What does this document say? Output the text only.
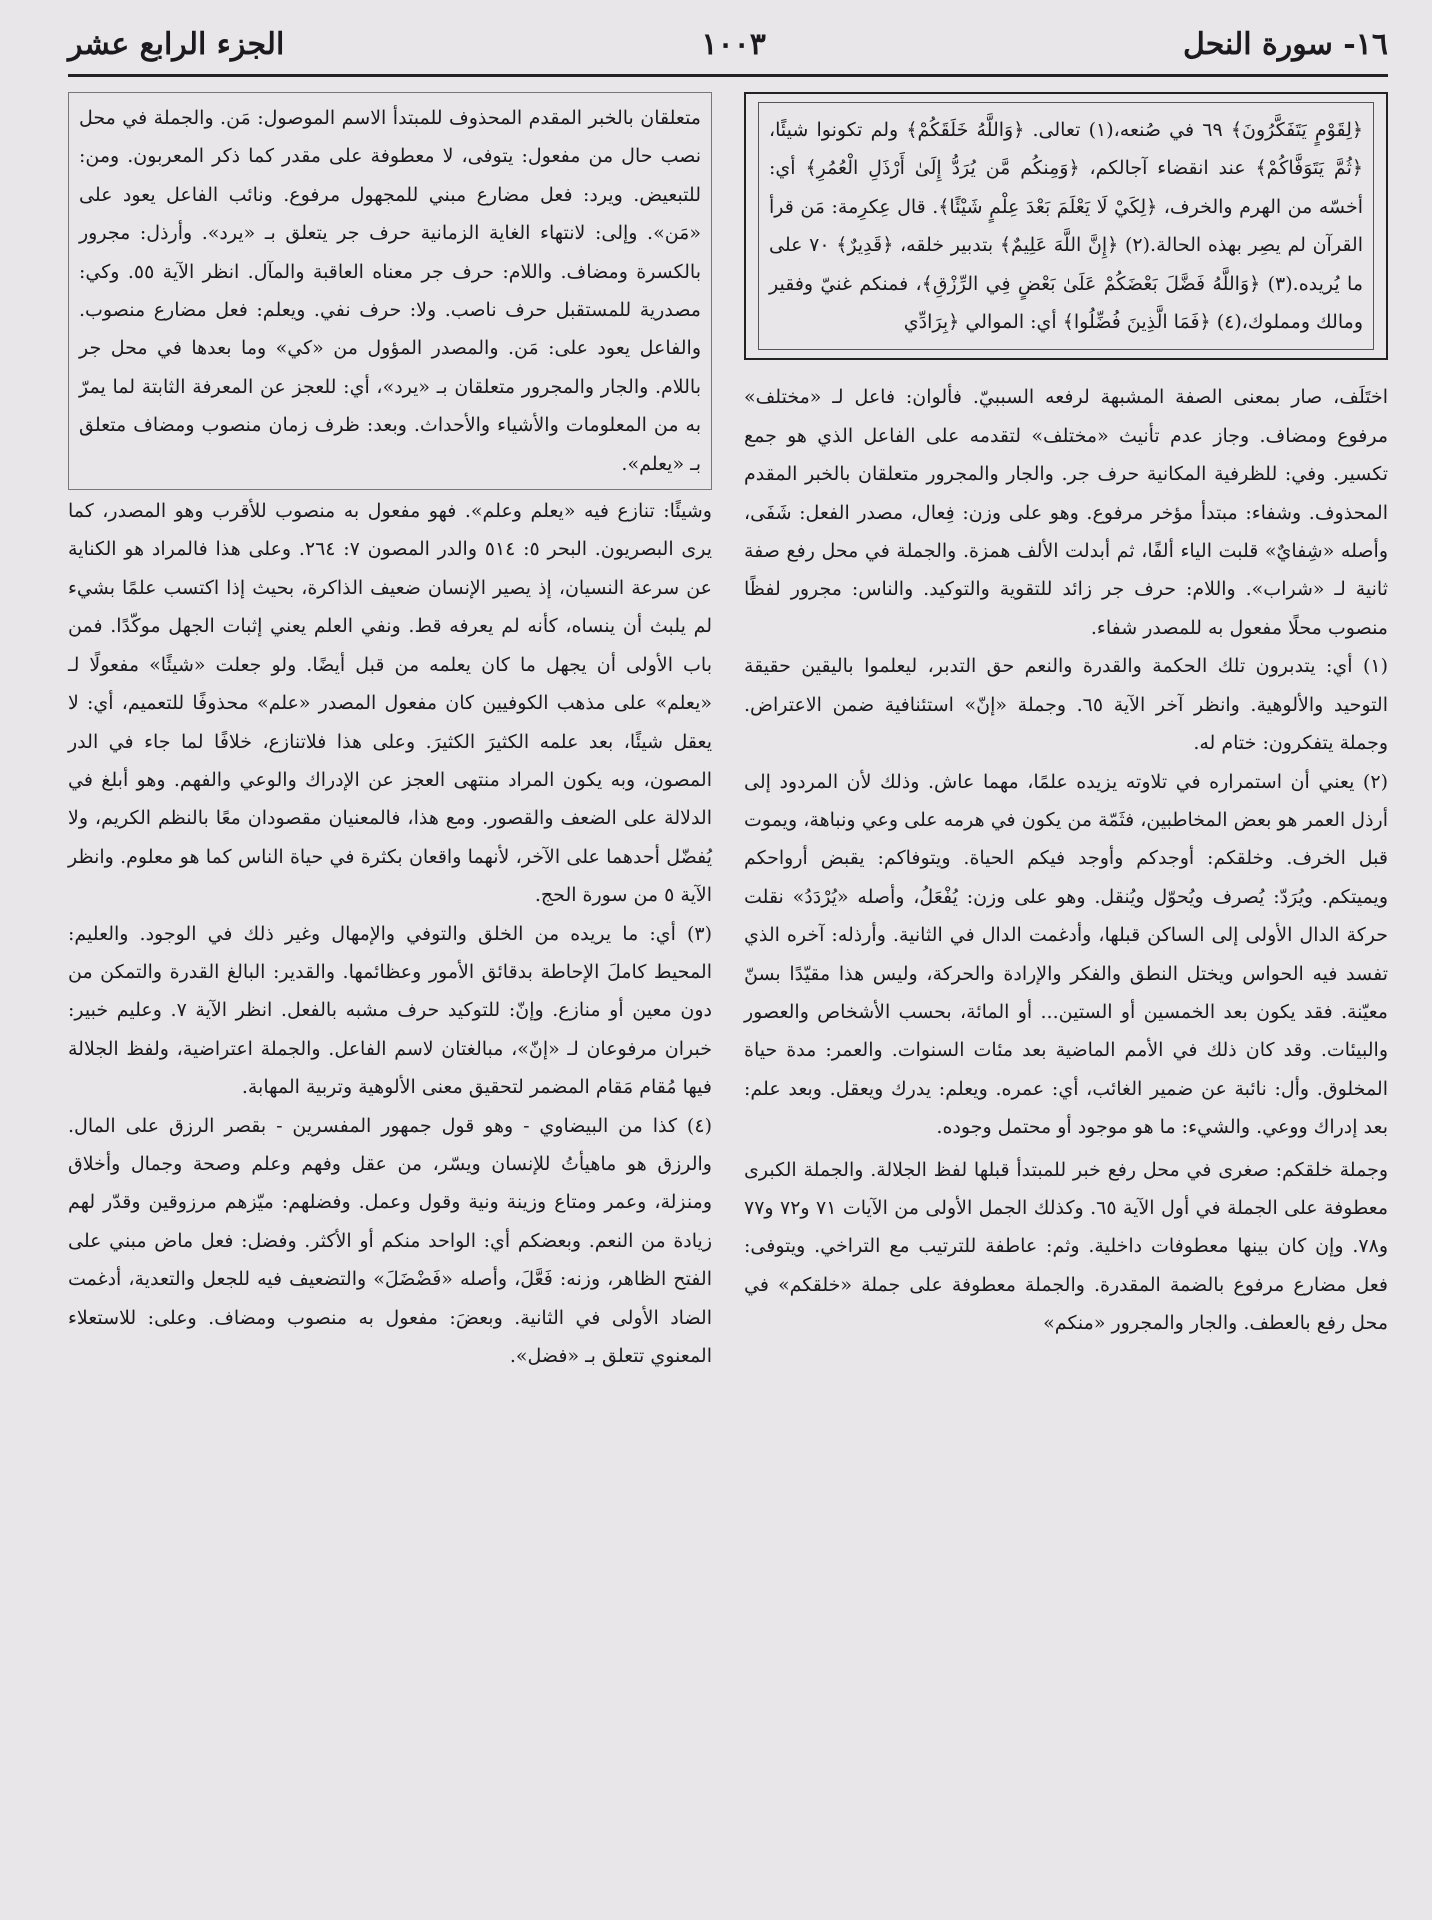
١٦- سورة النحل
١٠٠٣
الجزء الرابع عشر

﴿لِقَوْمٍ يَتَفَكَّرُونَ﴾ ٦٩ في صُنعه،(١) تعالى. ﴿وَاللَّهُ خَلَقَكُمْ﴾ ولم تكونوا شيئًا، ﴿ثُمَّ يَتَوَفَّاكُمْ﴾ عند انقضاء آجالكم، ﴿وَمِنكُم مَّن يُرَدُّ إِلَىٰ أَرْذَلِ الْعُمُرِ﴾ أي: أخسّه من الهرم والخرف، ﴿لِكَيْ لَا يَعْلَمَ بَعْدَ عِلْمٍ شَيْئًا﴾. قال عِكرِمة: مَن قرأ القرآن لم يصِر بهذه الحالة.(٢) ﴿إِنَّ اللَّهَ عَلِيمٌ﴾ بتدبير خلقه، ﴿قَدِيرٌ﴾ ٧٠ على ما يُريده.(٣) ﴿وَاللَّهُ فَضَّلَ بَعْضَكُمْ عَلَىٰ بَعْضٍ فِي الرِّزْقِ﴾، فمنكم غنيّ وفقير ومالك ومملوك،(٤) ﴿فَمَا الَّذِينَ فُضِّلُوا﴾ أي: الموالي ﴿بِرَادِّي

اختَلَف، صار بمعنى الصفة المشبهة لرفعه السببيّ. فألوان: فاعل لـ «مختلف» مرفوع ومضاف. وجاز عدم تأنيث «مختلف» لتقدمه على الفاعل الذي هو جمع تكسير. وفي: للظرفية المكانية حرف جر. والجار والمجرور متعلقان بالخبر المقدم المحذوف. وشفاء: مبتدأ مؤخر مرفوع. وهو على وزن: فِعال، مصدر الفعل: شَفَى، وأصله «شِفايٌ» قلبت الياء ألفًا، ثم أبدلت الألف همزة. والجملة في محل رفع صفة ثانية لـ «شراب». واللام: حرف جر زائد للتقوية والتوكيد. والناس: مجرور لفظًا منصوب محلًا مفعول به للمصدر شفاء.

(١) أي: يتدبرون تلك الحكمة والقدرة والنعم حق التدبر، ليعلموا باليقين حقيقة التوحيد والألوهية. وانظر آخر الآية ٦٥. وجملة «إنّ» استئنافية ضمن الاعتراض. وجملة يتفكرون: ختام له.

(٢) يعني أن استمراره في تلاوته يزيده علمًا، مهما عاش. وذلك لأن المردود إلى أرذل العمر هو بعض المخاطبين، فثَمّة من يكون في هرمه على وعي ونباهة، ويموت قبل الخرف. وخلقكم: أوجدكم وأوجد فيكم الحياة. ويتوفاكم: يقبض أرواحكم ويميتكم. ويُرَدّ: يُصرف ويُحوّل ويُنقل. وهو على وزن: يُفْعَلُ، وأصله «يُرْدَدُ» نقلت حركة الدال الأولى إلى الساكن قبلها، وأدغمت الدال في الثانية. وأرذله: آخره الذي تفسد فيه الحواس ويختل النطق والفكر والإرادة والحركة، وليس هذا مقيّدًا بسنّ معيّنة. فقد يكون بعد الخمسين أو الستين... أو المائة، بحسب الأشخاص والعصور والبيئات. وقد كان ذلك في الأمم الماضية بعد مئات السنوات. والعمر: مدة حياة المخلوق. وأل: نائبة عن ضمير الغائب، أي: عمره. ويعلم: يدرك ويعقل. وبعد علم: بعد إدراك ووعي. والشيء: ما هو موجود أو محتمل وجوده.

وجملة خلقكم: صغرى في محل رفع خبر للمبتدأ قبلها لفظ الجلالة. والجملة الكبرى معطوفة على الجملة في أول الآية ٦٥. وكذلك الجمل الأولى من الآيات ٧١ و٧٢ و٧٧ و٧٨. وإن كان بينها معطوفات داخلية. وثم: عاطفة للترتيب مع التراخي. ويتوفى: فعل مضارع مرفوع بالضمة المقدرة. والجملة معطوفة على جملة «خلقكم» في محل رفع بالعطف. والجار والمجرور «منكم»

متعلقان بالخبر المقدم المحذوف للمبتدأ الاسم الموصول: مَن. والجملة في محل نصب حال من مفعول: يتوفى، لا معطوفة على مقدر كما ذكر المعربون. ومن: للتبعيض. ويرد: فعل مضارع مبني للمجهول مرفوع. ونائب الفاعل يعود على «مَن». وإلى: لانتهاء الغاية الزمانية حرف جر يتعلق بـ «يرد». وأرذل: مجرور بالكسرة ومضاف. واللام: حرف جر معناه العاقبة والمآل. انظر الآية ٥٥. وكي: مصدرية للمستقبل حرف ناصب. ولا: حرف نفي. ويعلم: فعل مضارع منصوب. والفاعل يعود على: مَن. والمصدر المؤول من «كي» وما بعدها في محل جر باللام. والجار والمجرور متعلقان بـ «يرد»، أي: للعجز عن المعرفة الثابتة لما يمرّ به من المعلومات والأشياء والأحداث. وبعد: ظرف زمان منصوب ومضاف متعلق بـ «يعلم».

وشيئًا: تنازع فيه «يعلم وعلم». فهو مفعول به منصوب للأقرب وهو المصدر، كما يرى البصريون. البحر ٥: ٥١٤ والدر المصون ٧: ٢٦٤. وعلى هذا فالمراد هو الكناية عن سرعة النسيان، إذ يصير الإنسان ضعيف الذاكرة، بحيث إذا اكتسب علمًا بشيء لم يلبث أن ينساه، كأنه لم يعرفه قط. ونفي العلم يعني إثبات الجهل موكّدًا. فمن باب الأولى أن يجهل ما كان يعلمه من قبل أيضًا. ولو جعلت «شيئًا» مفعولًا لـ «يعلم» على مذهب الكوفيين كان مفعول المصدر «علم» محذوفًا للتعميم، أي: لا يعقل شيئًا، بعد علمه الكثيرَ الكثيرَ. وعلى هذا فلاتنازع، خلافًا لما جاء في الدر المصون، وبه يكون المراد منتهى العجز عن الإدراك والوعي والفهم. وهو أبلغ في الدلالة على الضعف والقصور. ومع هذا، فالمعنيان مقصودان معًا بالنظم الكريم، ولا يُفضّل أحدهما على الآخر، لأنهما واقعان بكثرة في حياة الناس كما هو معلوم. وانظر الآية ٥ من سورة الحج.

(٣) أي: ما يريده من الخلق والتوفي والإمهال وغير ذلك في الوجود. والعليم: المحيط كاملَ الإحاطة بدقائق الأمور وعظائمها. والقدير: البالغ القدرة والتمكن من دون معين أو منازع. وإنّ: للتوكيد حرف مشبه بالفعل. انظر الآية ٧. وعليم خبير: خبران مرفوعان لـ «إنّ»، مبالغتان لاسم الفاعل. والجملة اعتراضية، ولفظ الجلالة فيها مُقام مَقام المضمر لتحقيق معنى الألوهية وتربية المهابة.

(٤) كذا من البيضاوي - وهو قول جمهور المفسرين - بقصر الرزق على المال. والرزق هو ماهيأتُ للإنسان ويسّر، من عقل وفهم وعلم وصحة وجمال وأخلاق ومنزلة، وعمر ومتاع وزينة ونية وقول وعمل. وفضلهم: ميّزهم مرزوقين وقدّر لهم زيادة من النعم. وبعضكم أي: الواحد منكم أو الأكثر. وفضل: فعل ماض مبني على الفتح الظاهر، وزنه: فَعَّلَ، وأصله «فَضْضَلَ» والتضعيف فيه للجعل والتعدية، أدغمت الضاد الأولى في الثانية. وبعضَ: مفعول به منصوب ومضاف. وعلى: للاستعلاء المعنوي تتعلق بـ «فضل».
